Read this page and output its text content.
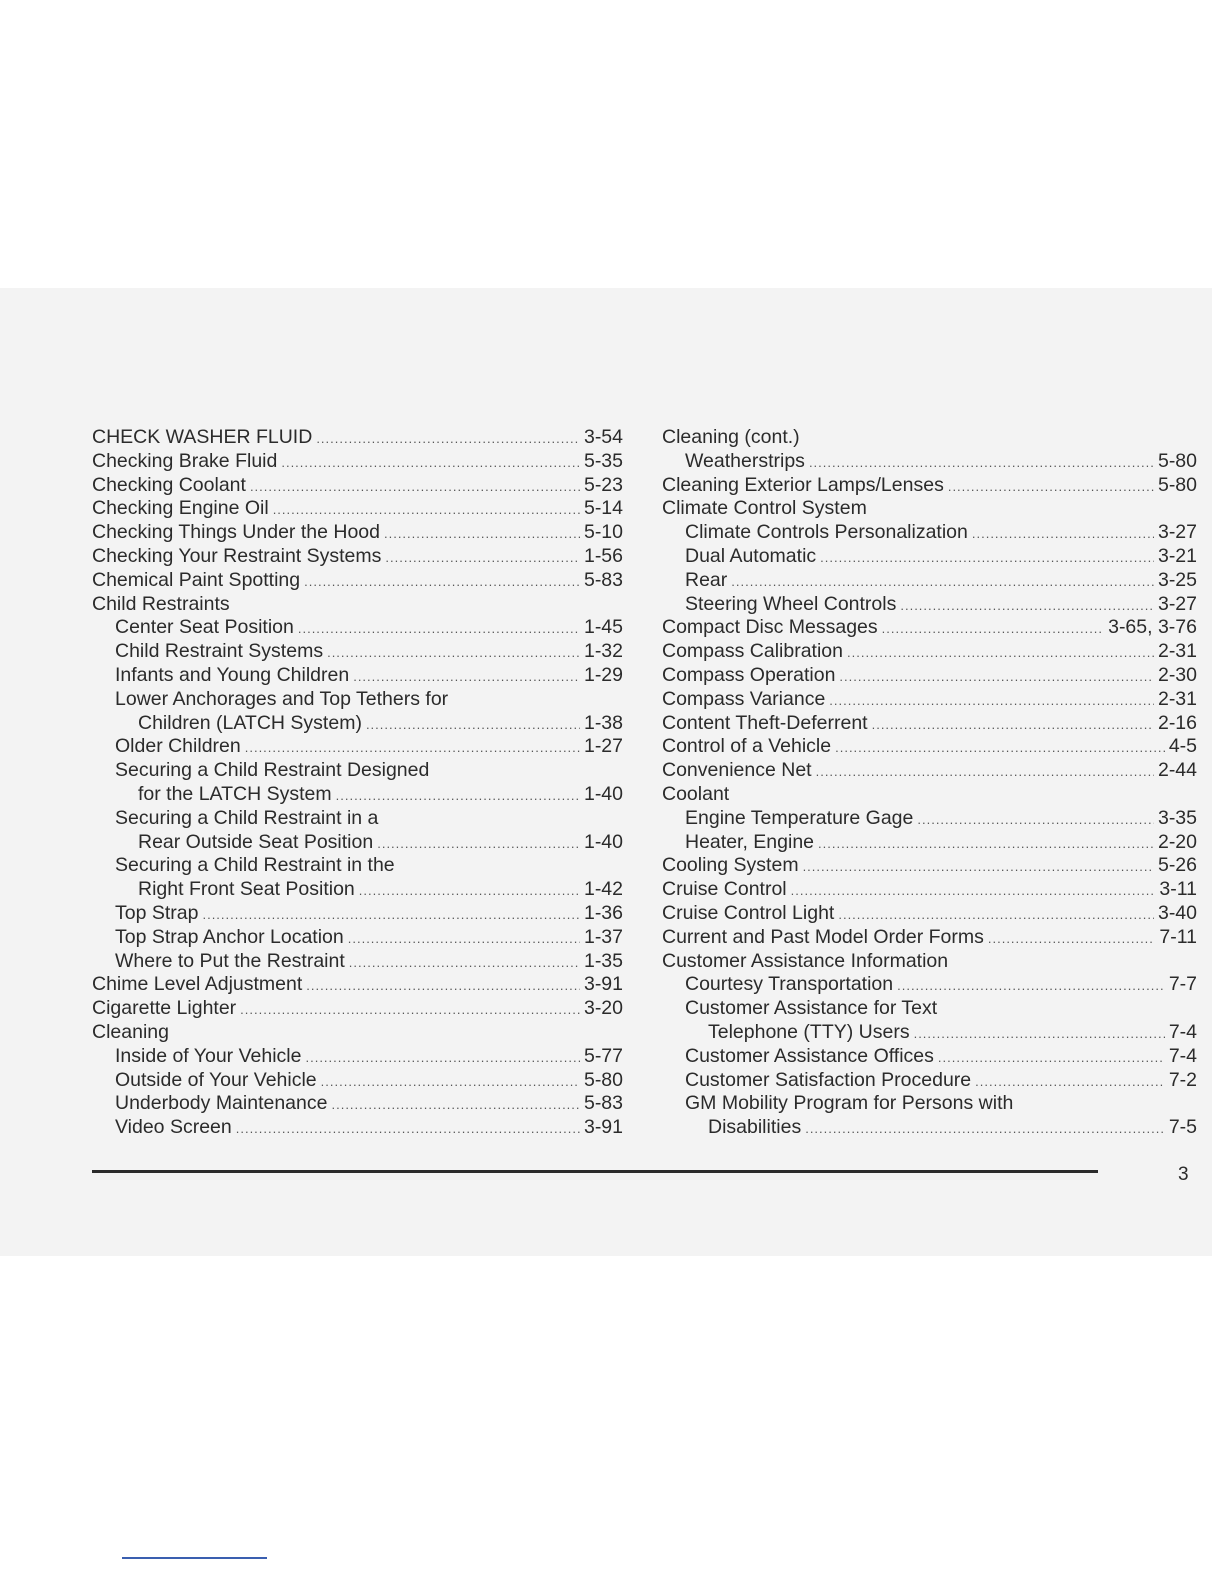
CHECK WASHER FLUID .....	3-54
Checking Brake Fluid .....	5-35
Checking Coolant .....	5-23
Checking Engine Oil .....	5-14
Checking Things Under the Hood .....	5-10
Checking Your Restraint Systems .....	1-56
Chemical Paint Spotting .....	5-83
Child Restraints
Center Seat Position .....	1-45
Child Restraint Systems .....	1-32
Infants and Young Children .....	1-29
Lower Anchorages and Top Tethers for
Children (LATCH System) .....	1-38
Older Children .....	1-27
Securing a Child Restraint Designed
for the LATCH System .....	1-40
Securing a Child Restraint in a
Rear Outside Seat Position .....	1-40
Securing a Child Restraint in the
Right Front Seat Position .....	1-42
Top Strap .....	1-36
Top Strap Anchor Location .....	1-37
Where to Put the Restraint .....	1-35
Chime Level Adjustment .....	3-91
Cigarette Lighter .....	3-20
Cleaning
Inside of Your Vehicle .....	5-77
Outside of Your Vehicle .....	5-80
Underbody Maintenance .....	5-83
Video Screen .....	3-91
Cleaning (cont.)
Weatherstrips .....	5-80
Cleaning Exterior Lamps/Lenses .....	5-80
Climate Control System
Climate Controls Personalization .....	3-27
Dual Automatic .....	3-21
Rear .....	3-25
Steering Wheel Controls .....	3-27
Compact Disc Messages .....	3-65, 3-76
Compass Calibration .....	2-31
Compass Operation .....	2-30
Compass Variance .....	2-31
Content Theft-Deferrent .....	2-16
Control of a Vehicle .....	4-5
Convenience Net .....	2-44
Coolant
Engine Temperature Gage .....	3-35
Heater, Engine .....	2-20
Cooling System .....	5-26
Cruise Control .....	3-11
Cruise Control Light .....	3-40
Current and Past Model Order Forms .....	7-11
Customer Assistance Information
Courtesy Transportation .....	7-7
Customer Assistance for Text
Telephone (TTY) Users .....	7-4
Customer Assistance Offices .....	7-4
Customer Satisfaction Procedure .....	7-2
GM Mobility Program for Persons with
Disabilities .....	7-5
3
